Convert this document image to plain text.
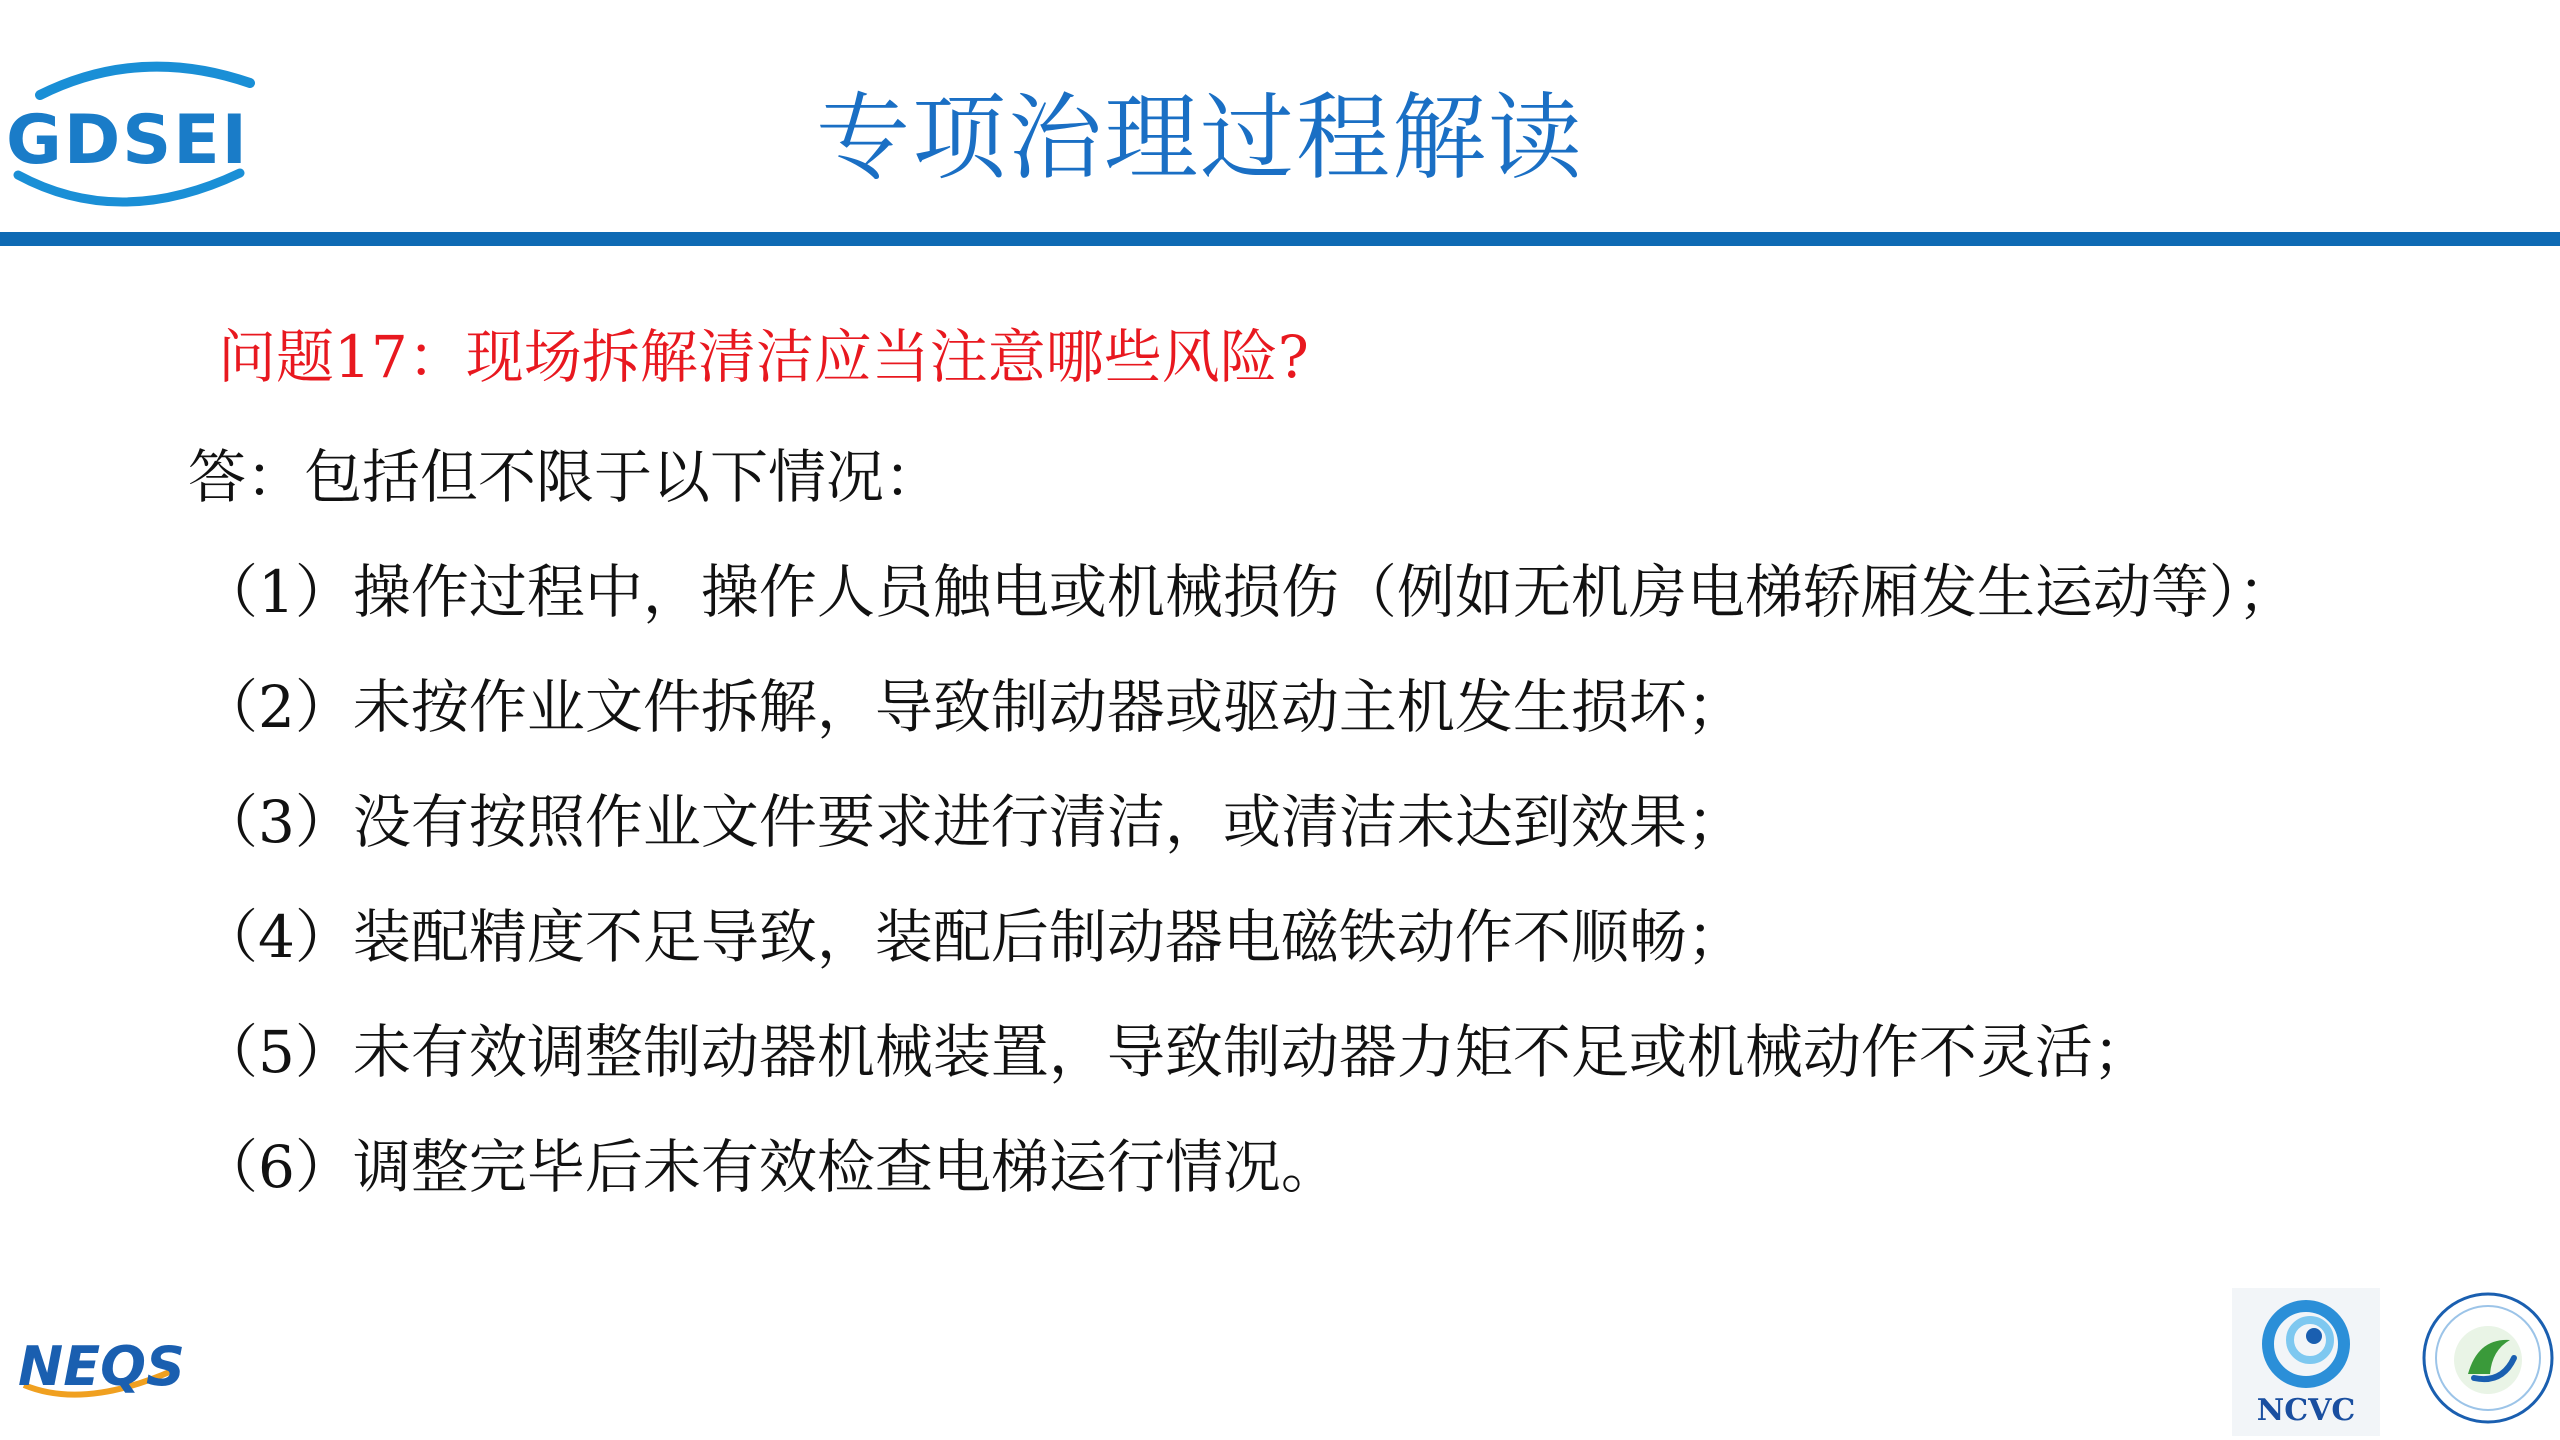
GDSEI	专项治理过程解读

问题17：现场拆解清洁应当注意哪些风险?

答：包括但不限于以下情况：

（1）操作过程中，操作人员触电或机械损伤（例如无机房电梯轿厢发生运动等）；

（2）未按作业文件拆解，导致制动器或驱动主机发生损坏；

（3）没有按照作业文件要求进行清洁，或清洁未达到效果；

（4）装配精度不足导致，装配后制动器电磁铁动作不顺畅；

（5）未有效调整制动器机械装置，导致制动器力矩不足或机械动作不灵活；

（6）调整完毕后未有效检查电梯运行情况。

NEQS
NCVC
